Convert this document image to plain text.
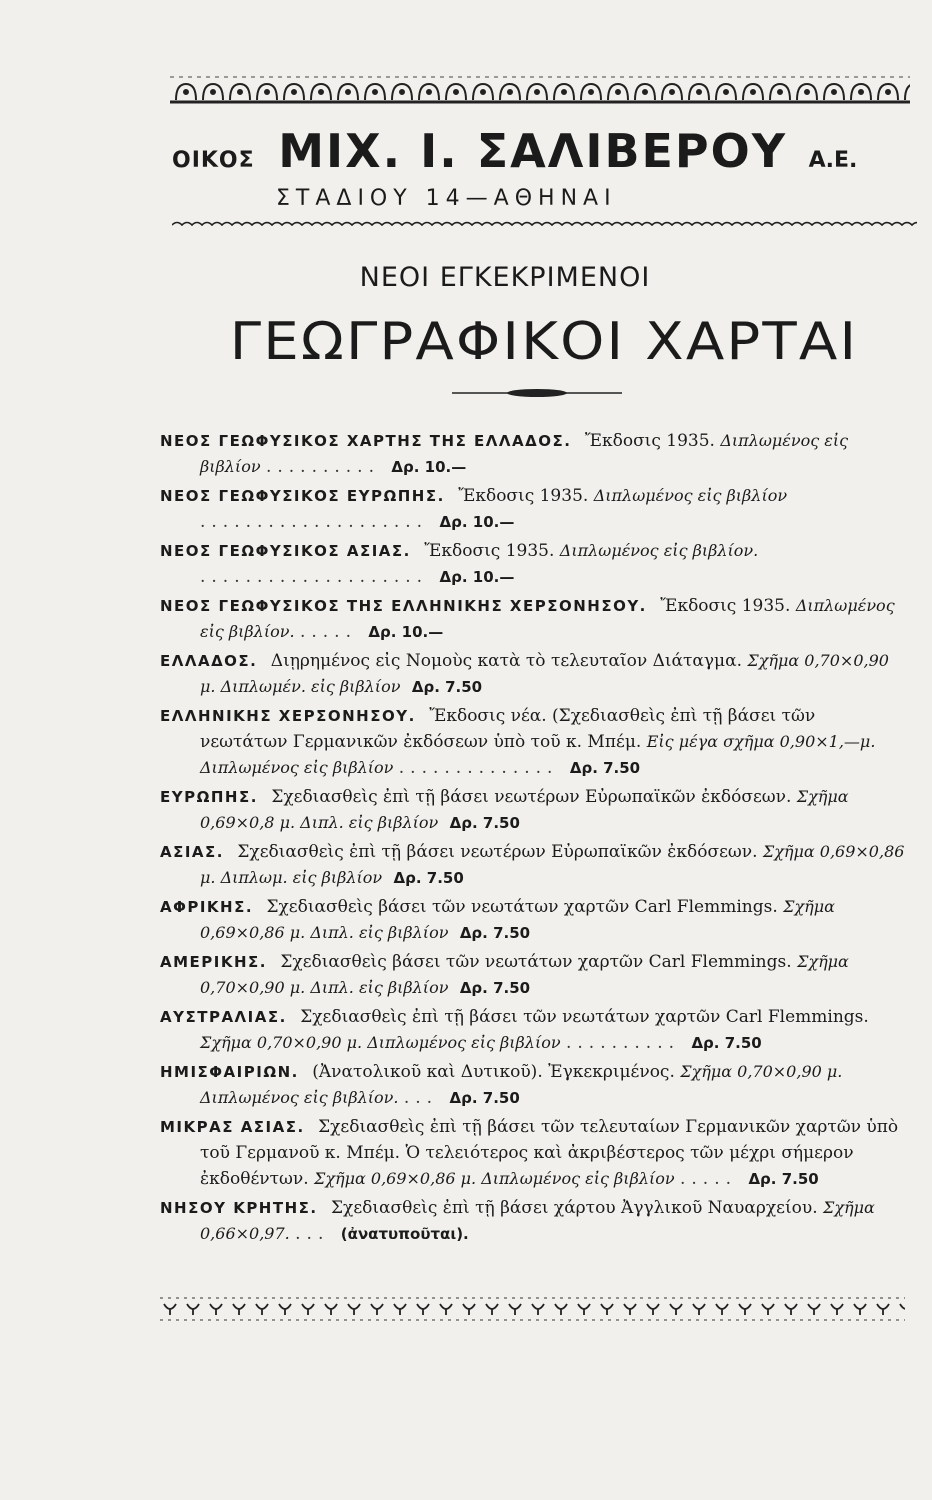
ΟΙΚΟΣ ΜΙΧ. Ι. ΣΑΛΙΒΕΡΟΥ Α.Ε.
ΣΤΑΔΙΟΥ 14—ΑΘΗΝΑΙ
ΝΕΟΙ ΕΓΚΕΚΡΙΜΕΝΟΙ
ΓΕΩΓΡΑΦΙΚΟΙ ΧΑΡΤΑΙ
ΝΕΟΣ ΓΕΩΦΥΣΙΚΟΣ ΧΑΡΤΗΣ ΤΗΣ ΕΛΛΑΔΟΣ. Ἔκδοσις 1935. Διπλωμένος εἰς βιβλίον .......... Δρ. 10.—
ΝΕΟΣ ΓΕΩΦΥΣΙΚΟΣ ΕΥΡΩΠΗΣ. Ἔκδοσις 1935. Διπλωμένος εἰς βιβλίον .................... Δρ. 10.—
ΝΕΟΣ ΓΕΩΦΥΣΙΚΟΣ ΑΣΙΑΣ. Ἔκδοσις 1935. Διπλωμένος εἰς βιβλίον. .................... Δρ. 10.—
ΝΕΟΣ ΓΕΩΦΥΣΙΚΟΣ ΤΗΣ ΕΛΛΗΝΙΚΗΣ ΧΕΡΣΟΝΗΣΟΥ. Ἔκδοσις 1935. Διπλωμένος εἰς βιβλίον. ..... Δρ. 10.—
ΕΛΛΑΔΟΣ. Διῃρημένος εἰς Νομοὺς κατὰ τὸ τελευταῖον Διάταγμα. Σχῆμα 0,70×0,90 μ. Διπλωμέν. εἰς βιβλίον Δρ. 7.50
ΕΛΛΗΝΙΚΗΣ ΧΕΡΣΟΝΗΣΟΥ. Ἔκδοσις νέα. (Σχεδιασθεὶς ἐπὶ τῇ βάσει τῶν νεωτάτων Γερμανικῶν ἐκδόσεων ὑπὸ τοῦ κ. Μπέμ. Εἰς μέγα σχῆμα 0,90×1,—μ. Διπλωμένος εἰς βιβλίον .............. Δρ. 7.50
ΕΥΡΩΠΗΣ. Σχεδιασθεὶς ἐπὶ τῇ βάσει νεωτέρων Εὐρωπαϊκῶν ἐκδόσεων. Σχῆμα 0,69×0,8 μ. Διπλ. εἰς βιβλίον Δρ. 7.50
ΑΣΙΑΣ. Σχεδιασθεὶς ἐπὶ τῇ βάσει νεωτέρων Εὐρωπαϊκῶν ἐκδόσεων. Σχῆμα 0,69×0,86 μ. Διπλωμ. εἰς βιβλίον Δρ. 7.50
ΑΦΡΙΚΗΣ. Σχεδιασθεὶς βάσει τῶν νεωτάτων χαρτῶν Carl Flemmings. Σχῆμα 0,69×0,86 μ. Διπλ. εἰς βιβλίον Δρ. 7.50
ΑΜΕΡΙΚΗΣ. Σχεδιασθεὶς βάσει τῶν νεωτάτων χαρτῶν Carl Flemmings. Σχῆμα 0,70×0,90 μ. Διπλ. εἰς βιβλίον Δρ. 7.50
ΑΥΣΤΡΑΛΙΑΣ. Σχεδιασθεὶς ἐπὶ τῇ βάσει τῶν νεωτάτων χαρτῶν Carl Flemmings. Σχῆμα 0,70×0,90 μ. Διπλωμένος εἰς βιβλίον .......... Δρ. 7.50
ΗΜΙΣΦΑΙΡΙΩΝ. (Ἀνατολικοῦ καὶ Δυτικοῦ). Ἐγκεκριμένος. Σχῆμα 0,70×0,90 μ. Διπλωμένος εἰς βιβλίον. ... Δρ. 7.50
ΜΙΚΡΑΣ ΑΣΙΑΣ. Σχεδιασθεὶς ἐπὶ τῇ βάσει τῶν τελευταίων Γερμανικῶν χαρτῶν ὑπὸ τοῦ Γερμανοῦ κ. Μπέμ. Ὁ τελειότερος καὶ ἀκριβέστερος τῶν μέχρι σήμερον ἐκδοθέντων. Σχῆμα 0,69×0,86 μ. Διπλωμένος εἰς βιβλίον ..... Δρ. 7.50
ΝΗΣΟΥ ΚΡΗΤΗΣ. Σχεδιασθεὶς ἐπὶ τῇ βάσει χάρτου Ἀγγλικοῦ Ναυαρχείου. Σχῆμα 0,66×0,97. ... (ἀνατυποῦται).
